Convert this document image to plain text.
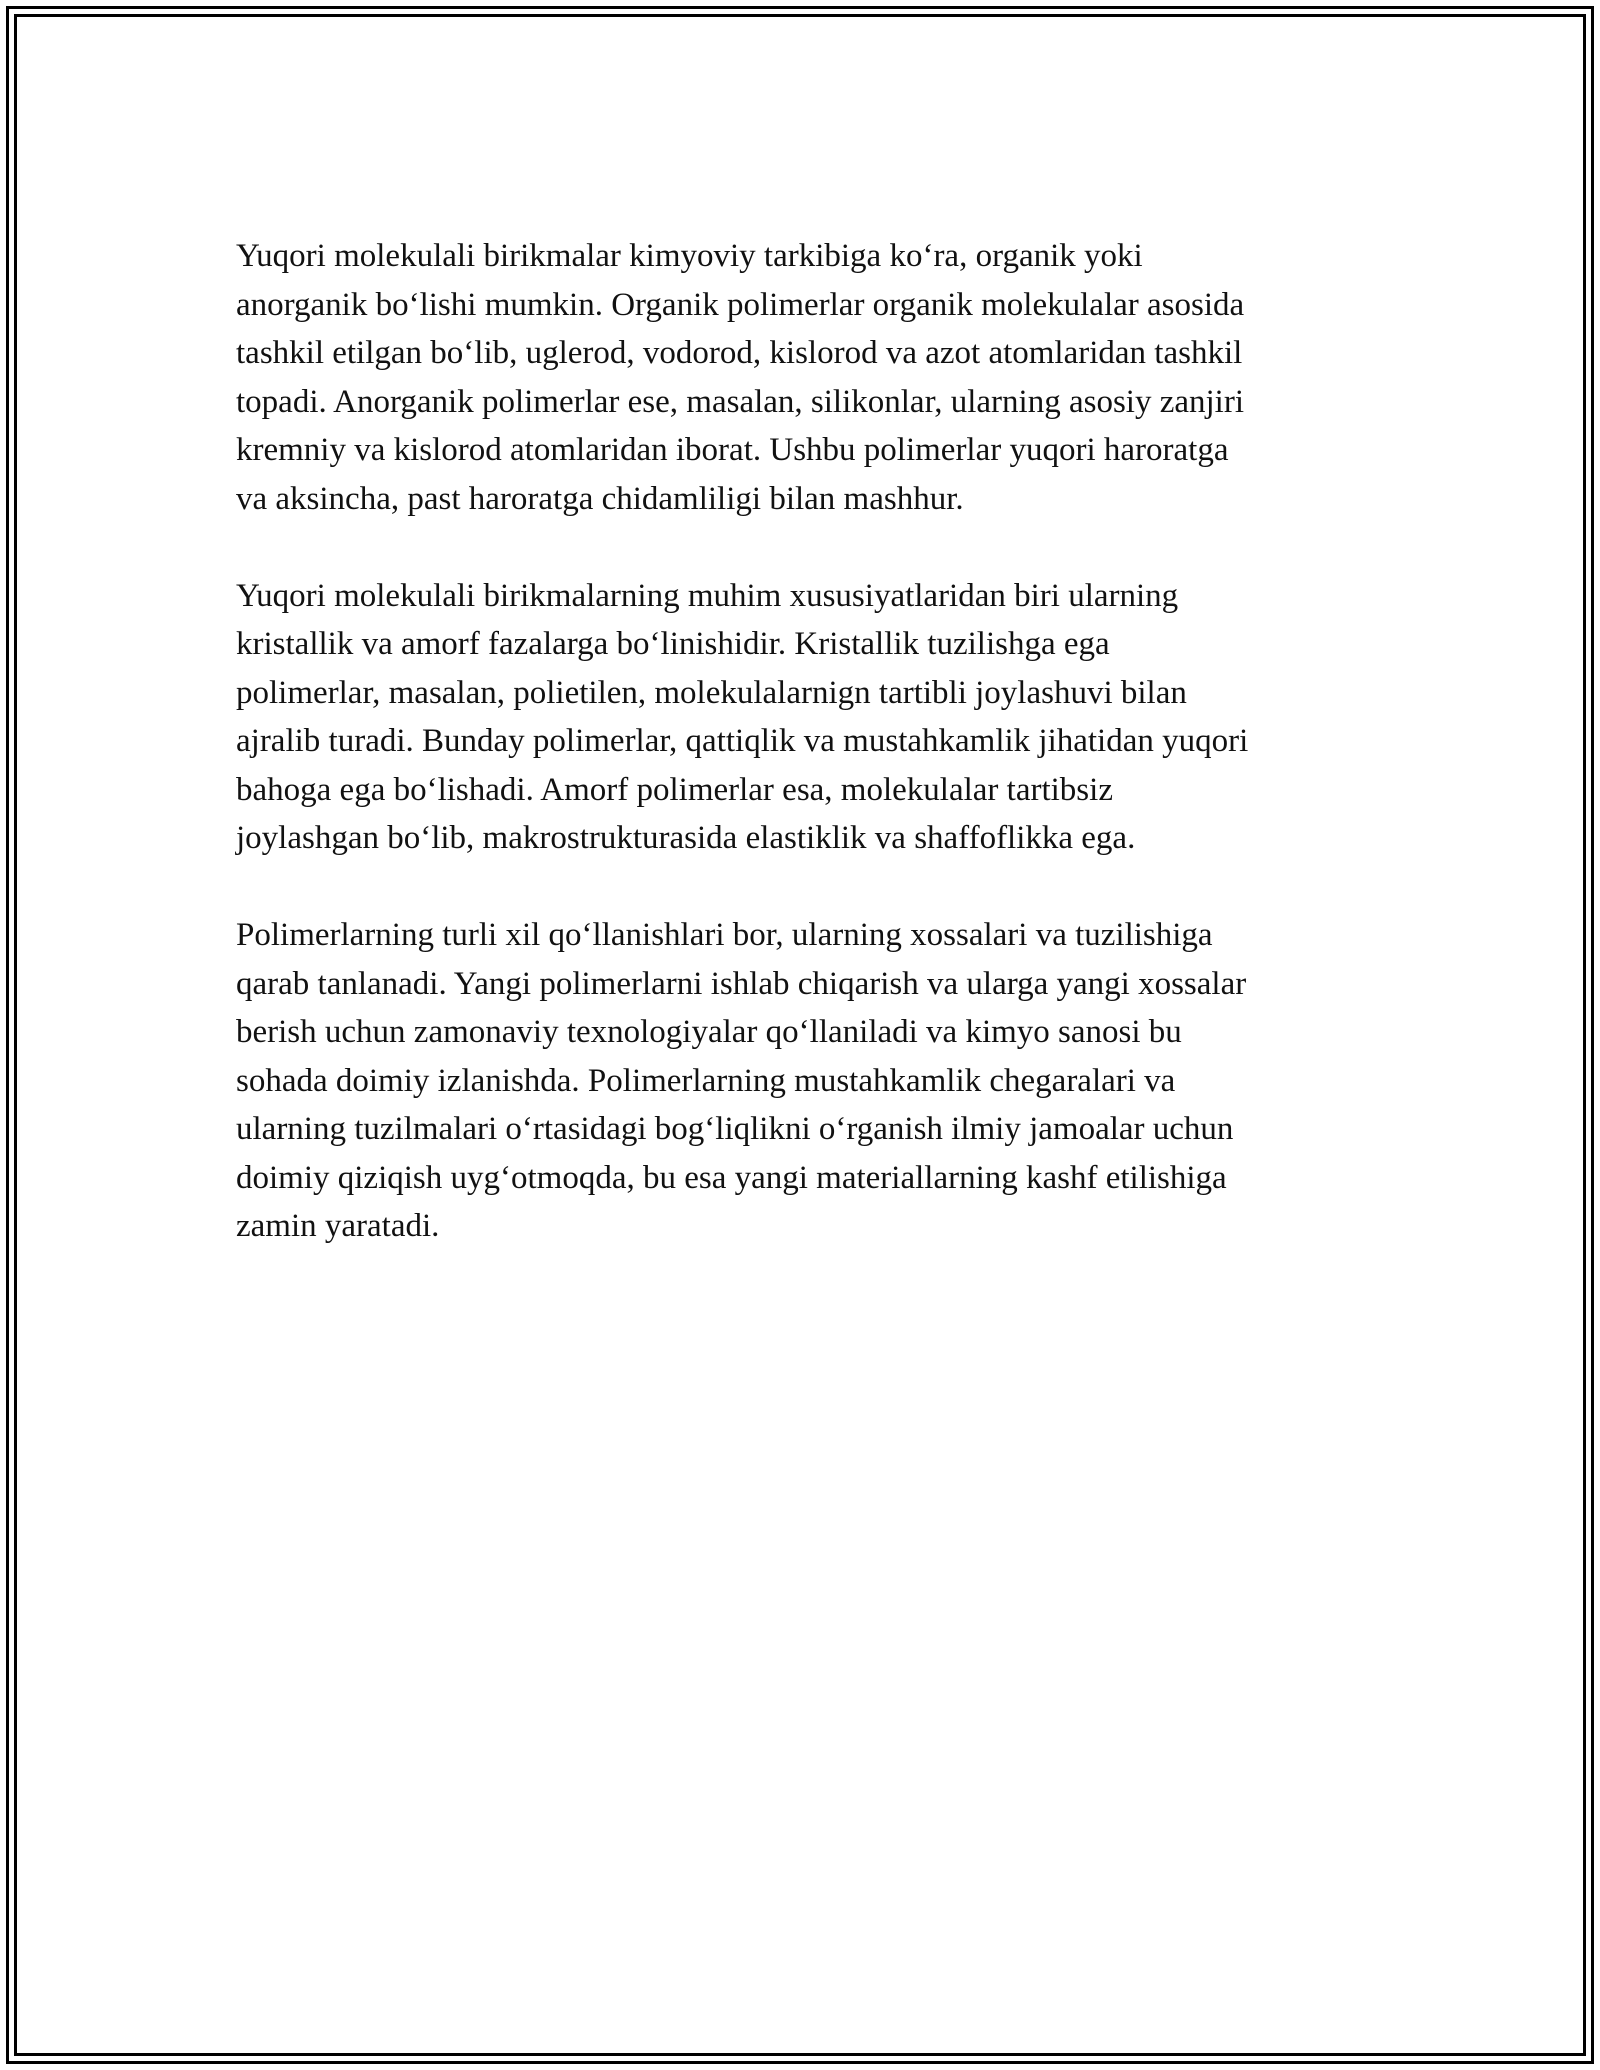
Yuqori molekulali birikmalar kimyoviy tarkibiga ko‘ra, organik yoki
anorganik bo‘lishi mumkin. Organik polimerlar organik molekulalar asosida
tashkil etilgan bo‘lib, uglerod, vodorod, kislorod va azot atomlaridan tashkil
topadi. Anorganik polimerlar ese, masalan, silikonlar, ularning asosiy zanjiri
kremniy va kislorod atomlaridan iborat. Ushbu polimerlar yuqori haroratga
va aksincha, past haroratga chidamliligi bilan mashhur.

Yuqori molekulali birikmalarning muhim xususiyatlaridan biri ularning
kristallik va amorf fazalarga bo‘linishidir. Kristallik tuzilishga ega
polimerlar, masalan, polietilen, molekulalarnign tartibli joylashuvi bilan
ajralib turadi. Bunday polimerlar, qattiqlik va mustahkamlik jihatidan yuqori
bahoga ega bo‘lishadi. Amorf polimerlar esa, molekulalar tartibsiz
joylashgan bo‘lib, makrostrukturasida elastiklik va shaffoflikka ega.

Polimerlarning turli xil qo‘llanishlari bor, ularning xossalari va tuzilishiga
qarab tanlanadi. Yangi polimerlarni ishlab chiqarish va ularga yangi xossalar
berish uchun zamonaviy texnologiyalar qo‘llaniladi va kimyo sanosi bu
sohada doimiy izlanishda. Polimerlarning mustahkamlik chegaralari va
ularning tuzilmalari o‘rtasidagi bog‘liqlikni o‘rganish ilmiy jamoalar uchun
doimiy qiziqish uyg‘otmoqda, bu esa yangi materiallarning kashf etilishiga
zamin yaratadi.
